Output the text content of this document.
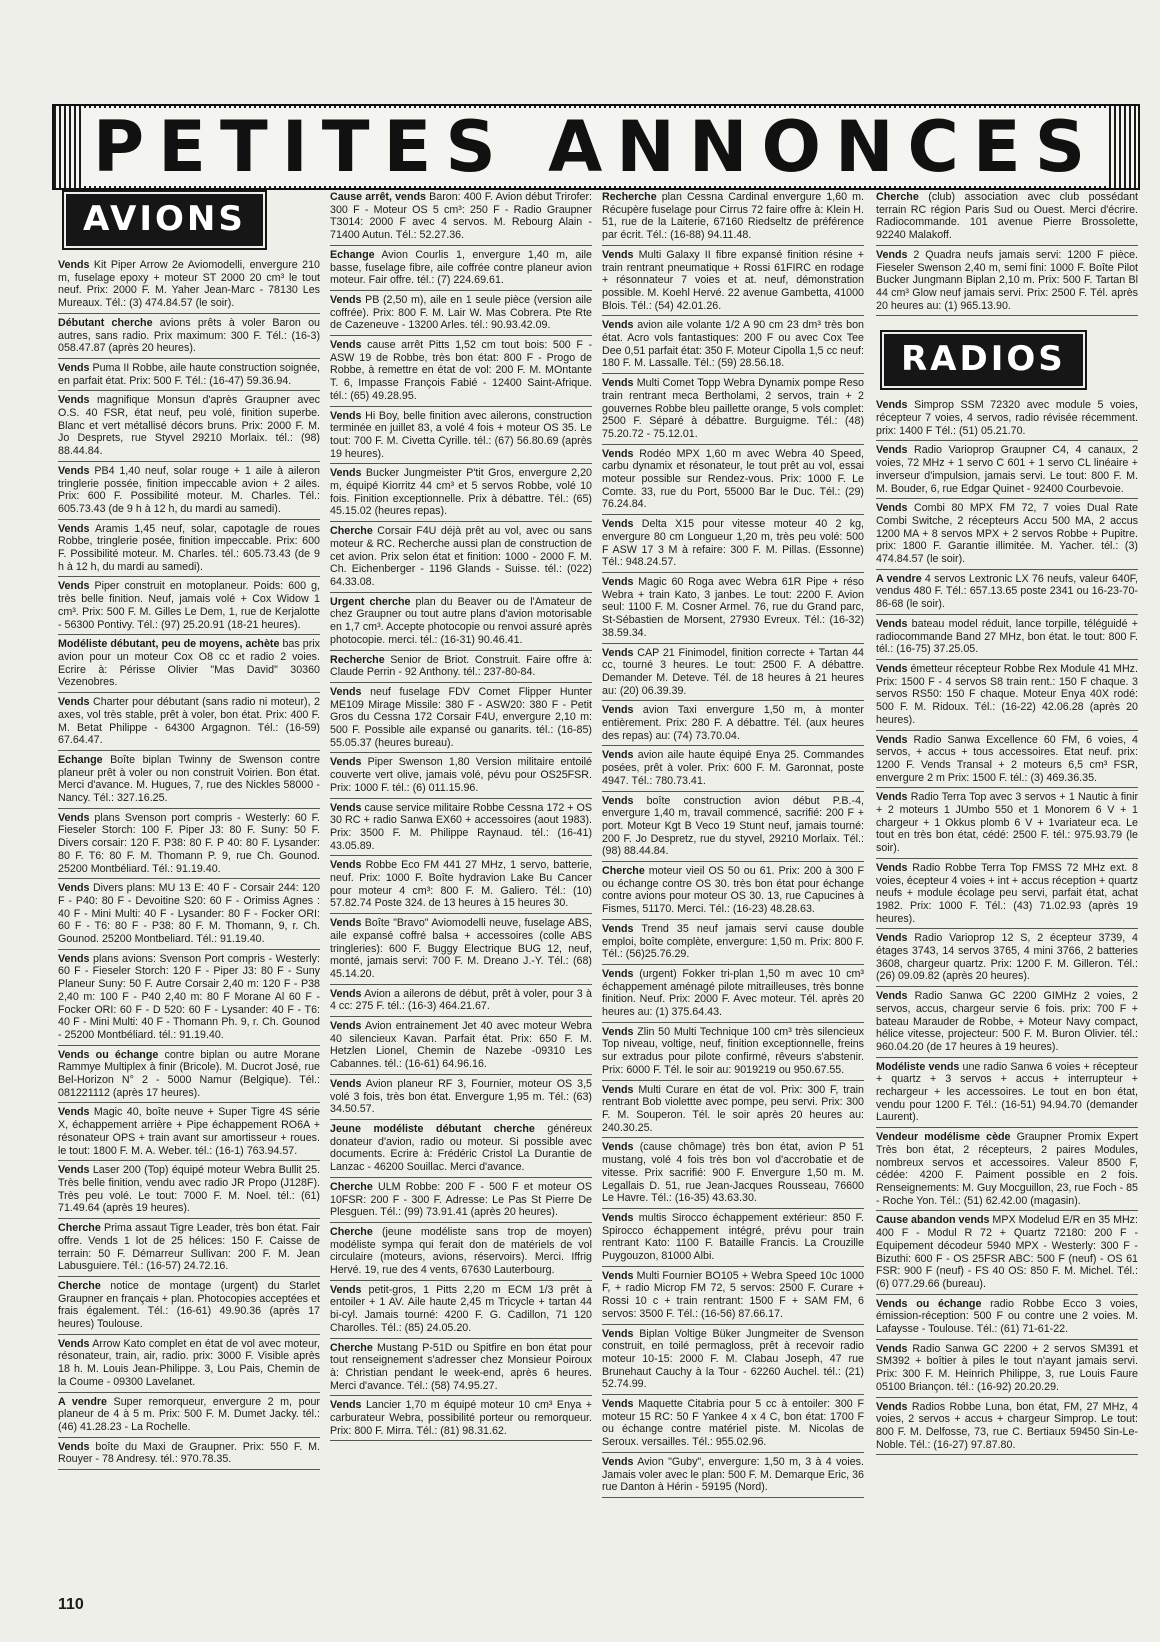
PETITES ANNONCES
AVIONS

Vends Kit Piper Arrow 2e Aviomodelli, envergure 210 m, fuselage epoxy + moteur ST 2000 20 cm³ le tout neuf. Prix: 2000 F. M. Yaher Jean-Marc - 78130 Les Mureaux. Tél.: (3) 474.84.57 (le soir).

Débutant cherche avions prêts à voler Baron ou autres, sans radio. Prix maximum: 300 F. Tél.: (16-3) 058.47.87 (après 20 heures).

Vends Puma II Robbe, aile haute construction soignée, en parfait état. Prix: 500 F. Tél.: (16-47) 59.36.94.

Vends magnifique Monsun d'après Graupner avec O.S. 40 FSR, état neuf, peu volé, finition superbe. Blanc et vert métallisé décors bruns. Prix: 2000 F. M. Jo Desprets, rue Styvel 29210 Morlaix. tél.: (98) 88.44.84.

Vends PB4 1,40 neuf, solar rouge + 1 aile à aileron tringlerie possée, finition impeccable avion + 2 ailes. Prix: 600 F. Possibilité moteur. M. Charles. Tél.: 605.73.43 (de 9 h à 12 h, du mardi au samedi).

Vends Aramis 1,45 neuf, solar, capotagle de roues Robbe, tringlerie posée, finition impeccable. Prix: 600 F. Possibilité moteur. M. Charles. tél.: 605.73.43 (de 9 h à 12 h, du mardi au samedi).

Vends Piper construit en motoplaneur. Poids: 600 g, très belle finition. Neuf, jamais volé + Cox Widow 1 cm³. Prix: 500 F. M. Gilles Le Dem, 1, rue de Kerjalotte - 56300 Pontivy. Tél.: (97) 25.20.91 (18-21 heures).

Modéliste débutant, peu de moyens, achète bas prix avion pour un moteur Cox O8 cc et radio 2 voies. Ecrire à: Périsse Olivier "Mas David" 30360 Vezenobres.

Vends Charter pour débutant (sans radio ni moteur), 2 axes, vol très stable, prêt à voler, bon état. Prix: 400 F. M. Betat Philippe - 64300 Argagnon. Tél.: (16-59) 67.64.47.

Echange Boîte biplan Twinny de Swenson contre planeur prêt à voler ou non construit Voirien. Bon état. Merci d'avance. M. Hugues, 7, rue des Nickles 58000 - Nancy. Tél.: 327.16.25.

Vends plans Svenson port compris - Westerly: 60 F. Fieseler Storch: 100 F. Piper J3: 80 F. Suny: 50 F. Divers corsair: 120 F. P38: 80 F. P 40: 80 F. Lysander: 80 F. T6: 80 F. M. Thomann P. 9, rue Ch. Gounod. 25200 Montbéliard. Tél.: 91.19.40.

Vends Divers plans: MU 13 E: 40 F - Corsair 244: 120 F - P40: 80 F - Devoitine S20: 60 F - Orimiss Agnes : 40 F - Mini Multi: 40 F - Lysander: 80 F - Focker ORI: 60 F - T6: 80 F - P38: 80 F. M. Thomann, 9, r. Ch. Gounod. 25200 Montbeliard. Tél.: 91.19.40.

Vends plans avions: Svenson Port compris - Westerly: 60 F - Fieseler Storch: 120 F - Piper J3: 80 F - Suny Planeur Suny: 50 F. Autre Corsair 2,40 m: 120 F - P38 2,40 m: 100 F - P40 2,40 m: 80 F Morane Al 60 F - Focker ORI: 60 F - D 520: 60 F - Lysander: 40 F - T6: 40 F - Mini Multi: 40 F - Thomann Ph. 9, r. Ch. Gounod - 25200 Montbéliard. tél.: 91.19.40.

Vends ou échange contre biplan ou autre Morane Rammye Multiplex à finir (Bricole). M. Ducrot José, rue Bel-Horizon N° 2 - 5000 Namur (Belgique). Tél.: 081221112 (après 17 heures).

Vends Magic 40, boîte neuve + Super Tigre 4S série X, échappement arrière + Pipe échappement RO6A + résonateur OPS + train avant sur amortisseur + roues. le tout: 1800 F. M. A. Weber. tél.: (16-1) 763.94.57.

Vends Laser 200 (Top) équipé moteur Webra Bullit 25. Très belle finition, vendu avec radio JR Propo (J128F). Très peu volé. Le tout: 7000 F. M. Noel. tél.: (61) 71.49.64 (après 19 heures).

Cherche Prima assaut Tigre Leader, très bon état. Fair offre. Vends 1 lot de 25 hélices: 150 F. Caisse de terrain: 50 F. Démarreur Sullivan: 200 F. M. Jean Labusguiere. Tél.: (16-57) 24.72.16.

Cherche notice de montage (urgent) du Starlet Graupner en français + plan. Photocopies acceptées et frais également. Tél.: (16-61) 49.90.36 (après 17 heures) Toulouse.

Vends Arrow Kato complet en état de vol avec moteur, résonateur, train, air, radio. prix: 3000 F. Visible après 18 h. M. Louis Jean-Philippe. 3, Lou Pais, Chemin de la Coume - 09300 Lavelanet.

A vendre Super remorqueur, envergure 2 m, pour planeur de 4 à 5 m. Prix: 500 F. M. Dumet Jacky. tél.: (46) 41.28.23 - La Rochelle.

Vends boîte du Maxi de Graupner. Prix: 550 F. M. Rouyer - 78 Andresy. tél.: 970.78.35.

Cause arrêt, vends Baron: 400 F. Avion début Trirofer: 300 F - Moteur OS 5 cm³: 250 F - Radio Graupner T3014: 2000 F avec 4 servos. M. Rebourg Alain - 71400 Autun. Tél.: 52.27.36.

Echange Avion Courlis 1, envergure 1,40 m, aile basse, fuselage fibre, aile coffrée contre planeur avion moteur. Fair offre. tél.: (7) 224.69.61.

Vends PB (2,50 m), aile en 1 seule pièce (version aile coffrée). Prix: 800 F. M. Lair W. Mas Cobrera. Pte Rte de Cazeneuve - 13200 Arles. tél.: 90.93.42.09.

Vends cause arrêt Pitts 1,52 cm tout bois: 500 F - ASW 19 de Robbe, très bon état: 800 F - Progo de Robbe, à remettre en état de vol: 200 F. M. MOntante T. 6, Impasse François Fabié - 12400 Saint-Afrique. tél.: (65) 49.28.95.

Vends Hi Boy, belle finition avec ailerons, construction terminée en juillet 83, a volé 4 fois + moteur OS 35. Le tout: 700 F. M. Civetta Cyrille. tél.: (67) 56.80.69 (après 19 heures).

Vends Bucker Jungmeister P'tit Gros, envergure 2,20 m, équipé Kiorritz 44 cm³ et 5 servos Robbe, volé 10 fois. Finition exceptionnelle. Prix à débattre. Tél.: (65) 45.15.02 (heures repas).

Cherche Corsair F4U déjà prêt au vol, avec ou sans moteur & RC. Recherche aussi plan de construction de cet avion. Prix selon état et finition: 1000 - 2000 F. M. Ch. Eichenberger - 1196 Glands - Suisse. tél.: (022) 64.33.08.

Urgent cherche plan du Beaver ou de l'Amateur de chez Graupner ou tout autre plans d'avion motorisable en 1,7 cm³. Accepte photocopie ou renvoi assuré après photocopie. merci. tél.: (16-31) 90.46.41.

Recherche Senior de Briot. Construit. Faire offre à: Claude Perrin - 92 Anthony. tél.: 237-80-84.

Vends neuf fuselage FDV Comet Flipper Hunter ME109 Mirage Missile: 380 F - ASW20: 380 F - Petit Gros du Cessna 172 Corsair F4U, envergure 2,10 m: 500 F. Possible aile expansé ou ganarits. tél.: (16-85) 55.05.37 (heures bureau).

Vends Piper Swenson 1,80 Version militaire entoilé couverte vert olive, jamais volé, pévu pour OS25FSR. Prix: 1000 F. tél.: (6) 011.15.96.

Vends cause service militaire Robbe Cessna 172 + OS 30 RC + radio Sanwa EX60 + accessoires (aout 1983). Prix: 3500 F. M. Philippe Raynaud. tél.: (16-41) 43.05.89.

Vends Robbe Eco FM 441 27 MHz, 1 servo, batterie, neuf. Prix: 1000 F. Boîte hydravion Lake Bu Cancer pour moteur 4 cm³: 800 F. M. Galiero. Tél.: (10) 57.82.74 Poste 324. de 13 heures à 15 heures 30.

Vends Boîte "Bravo" Aviomodelli neuve, fuselage ABS, aile expansé coffré balsa + accessoires (colle ABS tringleries): 600 F. Buggy Electrique BUG 12, neuf, monté, jamais servi: 700 F. M. Dreano J.-Y. Tél.: (68) 45.14.20.

Vends Avion a ailerons de début, prêt à voler, pour 3 à 4 cc: 275 F. tél.: (16-3) 464.21.67.

Vends Avion entrainement Jet 40 avec moteur Webra 40 silencieux Kavan. Parfait état. Prix: 650 F. M. Hetzlen Lionel, Chemin de Nazebe -09310 Les Cabannes. tél.: (16-61) 64.96.16.

Vends Avion planeur RF 3, Fournier, moteur OS 3,5 volé 3 fois, très bon état. Envergure 1,95 m. Tél.: (63) 34.50.57.

Jeune modéliste débutant cherche généreux donateur d'avion, radio ou moteur. Si possible avec documents. Ecrire à: Frédéric Cristol La Durantie de Lanzac - 46200 Souillac. Merci d'avance.

Cherche ULM Robbe: 200 F - 500 F et moteur OS 10FSR: 200 F - 300 F. Adresse: Le Pas St Pierre De Plesguen. Tél.: (99) 73.91.41 (après 20 heures).

Cherche (jeune modéliste sans trop de moyen) modéliste sympa qui ferait don de matériels de vol circulaire (moteurs, avions, réservoirs). Merci. Iffrig Hervé. 19, rue des 4 vents, 67630 Lauterbourg.

Vends petit-gros, 1 Pitts 2,20 m ECM 1/3 prêt à entoiler + 1 AV. Aile haute 2,45 m Tricycle + tartan 44 bi-cyl. Jamais tourné: 4200 F. G. Cadillon, 71 120 Charolles. Tél.: (85) 24.05.20.

Cherche Mustang P-51D ou Spitfire en bon état pour tout renseignement s'adresser chez Monsieur Poiroux à: Christian pendant le week-end, après 6 heures. Merci d'avance. Tél.: (58) 74.95.27.

Vends Lancier 1,70 m équipé moteur 10 cm³ Enya + carburateur Webra, possibilité porteur ou remorqueur. Prix: 800 F. Mirra. Tél.: (81) 98.31.62.

Recherche plan Cessna Cardinal envergure 1,60 m. Récupère fuselage pour Cirrus 72 faire offre à: Klein H. 51, rue de la Laiterie, 67160 Riedseltz de préférence par écrit. Tél.: (16-88) 94.11.48.

Vends Multi Galaxy II fibre expansé finition résine + train rentrant pneumatique + Rossi 61FIRC en rodage + résonnateur 7 voies et at. neuf, démonstration possible. M. Koehl Hervé. 22 avenue Gambetta, 41000 Blois. Tél.: (54) 42.01.26.

Vends avion aile volante 1/2 A 90 cm 23 dm³ très bon état. Acro vols fantastiques: 200 F ou avec Cox Tee Dee 0,51 parfait état: 350 F. Moteur Cipolla 1,5 cc neuf: 180 F. M. Lassalle. Tél.: (59) 28.56.18.

Vends Multi Comet Topp Webra Dynamix pompe Reso train rentrant meca Bertholami, 2 servos, train + 2 gouvernes Robbe bleu paillette orange, 5 vols complet: 2500 F. Séparé à débattre. Burguigme. Tél.: (48) 75.20.72 - 75.12.01.

Vends Rodéo MPX 1,60 m avec Webra 40 Speed, carbu dynamix et résonateur, le tout prêt au vol, essai moteur possible sur Rendez-vous. Prix: 1000 F. Le Comte. 33, rue du Port, 55000 Bar le Duc. Tél.: (29) 76.24.84.

Vends Delta X15 pour vitesse moteur 40 2 kg, envergure 80 cm Longueur 1,20 m, très peu volé: 500 F ASW 17 3 M à refaire: 300 F. M. Pillas. (Essonne) Tél.: 948.24.57.

Vends Magic 60 Roga avec Webra 61R Pipe + réso Webra + train Kato, 3 janbes. Le tout: 2200 F. Avion seul: 1100 F. M. Cosner Armel. 76, rue du Grand parc, St-Sébastien de Morsent, 27930 Evreux. Tél.: (16-32) 38.59.34.

Vends CAP 21 Finimodel, finition correcte + Tartan 44 cc, tourné 3 heures. Le tout: 2500 F. A débattre. Demander M. Deteve. Tél. de 18 heures à 21 heures au: (20) 06.39.39.

Vends avion Taxi envergure 1,50 m, à monter entièrement. Prix: 280 F. A débattre. Tél. (aux heures des repas) au: (74) 73.70.04.

Vends avion aile haute équipé Enya 25. Commandes posées, prêt à voler. Prix: 600 F. M. Garonnat, poste 4947. Tél.: 780.73.41.

Vends boîte construction avion début P.B.-4, envergure 1,40 m, travail commencé, sacrifié: 200 F + port. Moteur Kgt B Veco 19 Stunt neuf, jamais tourné: 200 F. Jo Despretz, rue du styvel, 29210 Morlaix. Tél.: (98) 88.44.84.

Cherche moteur vieil OS 50 ou 61. Prix: 200 à 300 F ou échange contre OS 30. très bon état pour échange contre avions pour moteur OS 30. 13, rue Capucines à Fismes, 51170. Merci. Tél.: (16-23) 48.28.63.

Vends Trend 35 neuf jamais servi cause double emploi, boîte complète, envergure: 1,50 m. Prix: 800 F. Tél.: (56)25.76.29.

Vends (urgent) Fokker tri-plan 1,50 m avec 10 cm³ échappement aménagé pilote mitrailleuses, très bonne finition. Neuf. Prix: 2000 F. Avec moteur. Tél. après 20 heures au: (1) 375.64.43.

Vends Zlin 50 Multi Technique 100 cm³ très silencieux Top niveau, voltige, neuf, finition exceptionnelle, freins sur extradus pour pilote confirmé, rêveurs s'abstenir. Prix: 6000 F. Tél. le soir au: 9019219 ou 950.67.55.

Vends Multi Curare en état de vol. Prix: 300 F, train rentrant Bob violettte avec pompe, peu servi. Prix: 300 F. M. Souperon. Tél. le soir après 20 heures au: 240.30.25.

Vends (cause chômage) très bon état, avion P 51 mustang, volé 4 fois très bon vol d'accrobatie et de vitesse. Prix sacrifié: 900 F. Envergure 1,50 m. M. Legallais D. 51, rue Jean-Jacques Rousseau, 76600 Le Havre. Tél.: (16-35) 43.63.30.

Vends multis Sirocco échappement extérieur: 850 F. Spirocco échappement intégré, prévu pour train rentrant Kato: 1100 F. Bataille Francis. La Crouzille Puygouzon, 81000 Albi.

Vends Multi Fournier BO105 + Webra Speed 10c 1000 F, + radio Microp FM 72, 5 servos: 2500 F. Curare + Rossi 10 c + train rentrant: 1500 F + SAM FM, 6 servos: 3500 F. Tél.: (16-56) 87.66.17.

Vends Biplan Voltige Büker Jungmeiter de Svenson construit, en toilé permagloss, prêt à recevoir radio moteur 10-15: 2000 F. M. Clabau Joseph, 47 rue Brunehaut Cauchy à la Tour - 62260 Auchel. tél.: (21) 52.74.99.

Vends Maquette Citabria pour 5 cc à entoiler: 300 F moteur 15 RC: 50 F Yankee 4 x 4 C, bon état: 1700 F ou échange contre matériel piste. M. Nicolas de Seroux. versailles. Tél.: 955.02.96.

Vends Avion "Guby", envergure: 1,50 m, 3 à 4 voies. Jamais voler avec le plan: 500 F. M. Demarque Eric, 36 rue Danton à Hérin - 59195 (Nord).

Cherche (club) association avec club possédant terrain RC région Paris Sud ou Ouest. Merci d'écrire. Radiocommande. 101 avenue Pierre Brossolette, 92240 Malakoff.

Vends 2 Quadra neufs jamais servi: 1200 F pièce. Fieseler Swenson 2,40 m, semi fini: 1000 F. Boîte Pilot Bucker Jungmann Biplan 2,10 m. Prix: 500 F. Tartan Bl 44 cm³ Glow neuf jamais servi. Prix: 2500 F. Tél. après 20 heures au: (1) 965.13.90.

RADIOS

Vends Simprop SSM 72320 avec module 5 voies, récepteur 7 voies, 4 servos, radio révisée récemment. prix: 1400 F Tél.: (51) 05.21.70.

Vends Radio Varioprop Graupner C4, 4 canaux, 2 voies, 72 MHz + 1 servo C 601 + 1 servo CL linéaire + inverseur d'impulsion, jamais servi. Le tout: 800 F. M. M. Bouder, 6, rue Edgar Quinet - 92400 Courbevoie.

Vends Combi 80 MPX FM 72, 7 voies Dual Rate Combi Switche, 2 récepteurs Accu 500 MA, 2 accus 1200 MA + 8 servos MPX + 2 servos Robbe + Pupitre. prix: 1800 F. Garantie illimitée. M. Yacher. tél.: (3) 474.84.57 (le soir).

A vendre 4 servos Lextronic LX 76 neufs, valeur 640F, vendus 480 F. Tél.: 657.13.65 poste 2341 ou 16-23-70-86-68 (le soir).

Vends bateau model réduit, lance torpille, téléguidé + radiocommande Band 27 MHz, bon état. le tout: 800 F. tél.: (16-75) 37.25.05.

Vends émetteur récepteur Robbe Rex Module 41 MHz. Prix: 1500 F - 4 servos S8 train rent.: 150 F chaque. 3 servos RS50: 150 F chaque. Moteur Enya 40X rodé: 500 F. M. Ridoux. Tél.: (16-22) 42.06.28 (après 20 heures).

Vends Radio Sanwa Excellence 60 FM, 6 voies, 4 servos, + accus + tous accessoires. Etat neuf. prix: 1200 F. Vends Transal + 2 moteurs 6,5 cm³ FSR, envergure 2 m Prix: 1500 F. tél.: (3) 469.36.35.

Vends Radio Terra Top avec 3 servos + 1 Nautic à finir + 2 moteurs 1 JUmbo 550 et 1 Monorem 6 V + 1 chargeur + 1 Okkus plomb 6 V + 1variateur eca. Le tout en très bon état, cédé: 2500 F. tél.: 975.93.79 (le soir).

Vends Radio Robbe Terra Top FMSS 72 MHz ext. 8 voies, écepteur 4 voies + int + accus réception + quartz neufs + module écolage peu servi, parfait état, achat 1982. Prix: 1000 F. Tél.: (43) 71.02.93 (après 19 heures).

Vends Radio Varioprop 12 S, 2 écepteur 3739, 4 étages 3743, 14 servos 3765, 4 mini 3766, 2 batteries 3608, chargeur quartz. Prix: 1200 F. M. Gilleron. Tél.: (26) 09.09.82 (après 20 heures).

Vends Radio Sanwa GC 2200 GIMHz 2 voies, 2 servos, accus, chargeur servie 6 fois. prix: 700 F + bateau Marauder de Robbe, + Moteur Navy compact, hélice vitesse, projecteur: 500 F. M. Buron Olivier. tél.: 960.04.20 (de 17 heures à 19 heures).

Modéliste vends une radio Sanwa 6 voies + récepteur + quartz + 3 servos + accus + interrupteur + rechargeur + les accessoires. Le tout en bon état, vendu pour 1200 F. Tél.: (16-51) 94.94.70 (demander Laurent).

Vendeur modélisme cède Graupner Promix Expert Très bon état, 2 récepteurs, 2 paires Modules, nombreux servos et accessoires. Valeur 8500 F, cédée: 4200 F. Paiment possible en 2 fois. Renseignements: M. Guy Mocguillon, 23, rue Foch - 85 - Roche Yon. Tél.: (51) 62.42.00 (magasin).

Cause abandon vends MPX Modelud E/R en 35 MHz: 400 F - Modul R 72 + Quartz 72180: 200 F - Equipement décodeur 5940 MPX - Westerly: 300 F - Bizuthi: 600 F - OS 25FSR ABC: 500 F (neuf) - OS 61 FSR: 900 F (neuf) - FS 40 OS: 850 F. M. Michel. Tél.: (6) 077.29.66 (bureau).

Vends ou échange radio Robbe Ecco 3 voies, émission-réception: 500 F ou contre une 2 voies. M. Lafaysse - Toulouse. Tél.: (61) 71-61-22.

Vends Radio Sanwa GC 2200 + 2 servos SM391 et SM392 + boîtier à piles le tout n'ayant jamais servi. Prix: 300 F. M. Heinrich Philippe, 3, rue Louis Faure 05100 Briançon. tél.: (16-92) 20.20.29.

Vends Radios Robbe Luna, bon état, FM, 27 MHz, 4 voies, 2 servos + accus + chargeur Simprop. Le tout: 800 F. M. Delfosse, 73, rue C. Bertiaux 59450 Sin-Le-Noble. Tél.: (16-27) 97.87.80.

110
